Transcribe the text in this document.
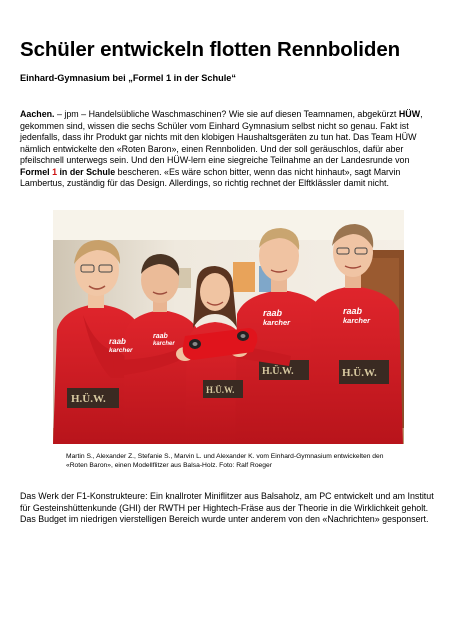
Schüler entwickeln flotten Rennboliden

Einhard-Gymnasium bei „Formel 1 in der Schule“

Aachen. – jpm – Handelsübliche Waschmaschinen? Wie sie auf diesen Teamnamen, abgekürzt HÜW, gekommen sind, wissen die sechs Schüler vom Einhard Gymnasium selbst nicht so genau. Fakt ist jedenfalls, dass ihr Produkt gar nichts mit den klobigen Haushaltsgeräten zu tun hat. Das Team HÜW nämlich entwickelte den «Roten Baron», einen Rennboliden. Und der soll geräuschlos, dafür aber pfeilschnell unterwegs sein. Und den HÜW-lern eine siegreiche Teilnahme an der Landesrunde von Formel 1 in der Schule bescheren. «Es wäre schon bitter, wenn das nicht hinhaut», sagt Marvin Lambertus, zuständig für das Design. Allerdings, so richtig rechnet der Elftklässler damit nicht.

raab
karcher
raab
karcher
raab
karcher
raab
karcher
H.Ü.W.
H.Ü.W.
H.Ü.W.	H.Ü.W.

Martin S., Alexander Z., Stefanie S., Marvin L. und Alexander K. vom Einhard-Gymnasium entwickelten den «Roten Baron», einen Modellflitzer aus Balsa-Holz. Foto: Ralf Roeger

Das Werk der F1-Konstrukteure: Ein knallroter Miniflitzer aus Balsaholz, am PC entwickelt und am Institut für Gesteinshüttenkunde (GHI) der RWTH per Hightech-Fräse aus der Theorie in die Wirklichkeit geholt. Das Budget im niedrigen vierstelligen Bereich wurde unter anderem von den «Nachrichten» gesponsert.
